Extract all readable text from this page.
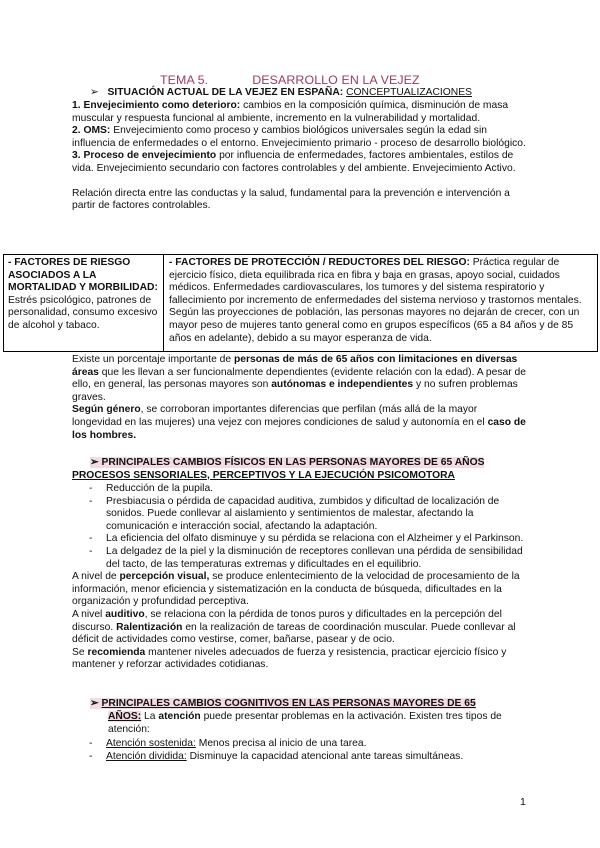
TEMA 5.	DESARROLLO EN LA VEJEZ
➢ SITUACIÓN ACTUAL DE LA VEJEZ EN ESPAÑA: CONCEPTUALIZACIONES

1. Envejecimiento como deterioro: cambios en la composición química, disminución de masa muscular y respuesta funcional al ambiente, incremento en la vulnerabilidad y mortalidad.

2. OMS: Envejecimiento como proceso y cambios biológicos universales según la edad sin influencia de enfermedades o el entorno. Envejecimiento primario - proceso de desarrollo biológico.

3. Proceso de envejecimiento por influencia de enfermedades, factores ambientales, estilos de vida. Envejecimiento secundario con factores controlables y del ambiente. Envejecimiento Activo.

Relación directa entre las conductas y la salud, fundamental para la prevención e intervención a partir de factores controlables.

- FACTORES DE RIESGO ASOCIADOS A LA MORTALIDAD Y MORBILIDAD: Estrés psicológico, patrones de personalidad, consumo excesivo de alcohol y tabaco.
- FACTORES DE PROTECCIÓN / REDUCTORES DEL RIESGO: Práctica regular de ejercicio físico, dieta equilibrada rica en fibra y baja en grasas, apoyo social, cuidados médicos. Enfermedades cardiovasculares, los tumores y del sistema respiratorio y fallecimiento por incremento de enfermedades del sistema nervioso y trastornos mentales. Según las proyecciones de población, las personas mayores no dejarán de crecer, con un mayor peso de mujeres tanto general como en grupos específicos (65 a 84 años y de 85 años en adelante), debido a su mayor esperanza de vida.

Existe un porcentaje importante de personas de más de 65 años con limitaciones en diversas áreas que les llevan a ser funcionalmente dependientes (evidente relación con la edad). A pesar de ello, en general, las personas mayores son autónomas e independientes y no sufren problemas graves.

Según género, se corroboran importantes diferencias que perfilan (más allá de la mayor longevidad en las mujeres) una vejez con mejores condiciones de salud y autonomía en el caso de los hombres.

➢ PRINCIPALES CAMBIOS FÍSICOS EN LAS PERSONAS MAYORES DE 65 AÑOS
PROCESOS SENSORIALES, PERCEPTIVOS Y LA EJECUCIÓN PSICOMOTORA
- Reducción de la pupila.
- Presbiacusia o pérdida de capacidad auditiva, zumbidos y dificultad de localización de sonidos. Puede conllevar al aislamiento y sentimientos de malestar, afectando la comunicación e interacción social, afectando la adaptación.
- La eficiencia del olfato disminuye y su pérdida se relaciona con el Alzheimer y el Parkinson.
- La delgadez de la piel y la disminución de receptores conllevan una pérdida de sensibilidad del tacto, de las temperaturas extremas y dificultades en el equilibrio.

A nivel de percepción visual, se produce enlentecimiento de la velocidad de procesamiento de la información, menor eficiencia y sistematización en la conducta de búsqueda, dificultades en la organización y profundidad perceptiva.

A nivel auditivo, se relaciona con la pérdida de tonos puros y dificultades en la percepción del discurso. Ralentización en la realización de tareas de coordinación muscular. Puede conllevar al déficit de actividades como vestirse, comer, bañarse, pasear y de ocio.

Se recomienda mantener niveles adecuados de fuerza y resistencia, practicar ejercicio físico y mantener y reforzar actividades cotidianas.

➢ PRINCIPALES CAMBIOS COGNITIVOS EN LAS PERSONAS MAYORES DE 65
AÑOS: La atención puede presentar problemas en la activación. Existen tres tipos de atención:
- Atención sostenida: Menos precisa al inicio de una tarea.
- Atención dividida: Disminuye la capacidad atencional ante tareas simultáneas.
1
